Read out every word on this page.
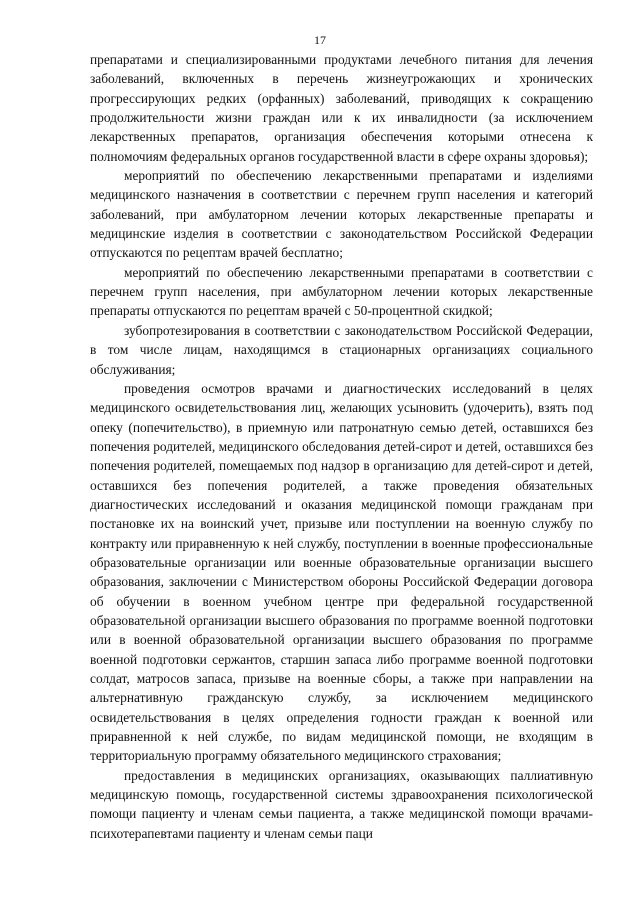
17

препаратами и специализированными продуктами лечебного питания для лечения заболеваний, включенных в перечень жизнеугрожающих и хронических прогрессирующих редких (орфанных) заболеваний, приводящих к сокращению продолжительности жизни граждан или к их инвалидности (за исключением лекарственных препаратов, организация обеспечения которыми отнесена к полномочиям федеральных органов государственной власти в сфере охраны здоровья);

мероприятий по обеспечению лекарственными препаратами и изделиями медицинского назначения в соответствии с перечнем групп населения и категорий заболеваний, при амбулаторном лечении которых лекарственные препараты и медицинские изделия в соответствии с законодательством Российской Федерации отпускаются по рецептам врачей бесплатно;

мероприятий по обеспечению лекарственными препаратами в соответствии с перечнем групп населения, при амбулаторном лечении которых лекарственные препараты отпускаются по рецептам врачей с 50-процентной скидкой;

зубопротезирования в соответствии с законодательством Российской Федерации, в том числе лицам, находящимся в стационарных организациях социального обслуживания;

проведения осмотров врачами и диагностических исследований в целях медицинского освидетельствования лиц, желающих усыновить (удочерить), взять под опеку (попечительство), в приемную или патронатную семью детей, оставшихся без попечения родителей, медицинского обследования детей-сирот и детей, оставшихся без попечения родителей, помещаемых под надзор в организацию для детей-сирот и детей, оставшихся без попечения родителей, а также проведения обязательных диагностических исследований и оказания медицинской помощи гражданам при постановке их на воинский учет, призыве или поступлении на военную службу по контракту или приравненную к ней службу, поступлении в военные профессиональные образовательные организации или военные образовательные организации высшего образования, заключении с Министерством обороны Российской Федерации договора об обучении в военном учебном центре при федеральной государственной образовательной организации высшего образования по программе военной подготовки или в военной образовательной организации высшего образования по программе военной подготовки сержантов, старшин запаса либо программе военной подготовки солдат, матросов запаса, призыве на военные сборы, а также при направлении на альтернативную гражданскую службу, за исключением медицинского освидетельствования в целях определения годности граждан к военной или приравненной к ней службе, по видам медицинской помощи, не входящим в территориальную программу обязательного медицинского страхования;

предоставления в медицинских организациях, оказывающих паллиативную медицинскую помощь, государственной системы здравоохранения психологической помощи пациенту и членам семьи пациента, а также медицинской помощи врачами-психотерапевтами пациенту и членам семьи паци
